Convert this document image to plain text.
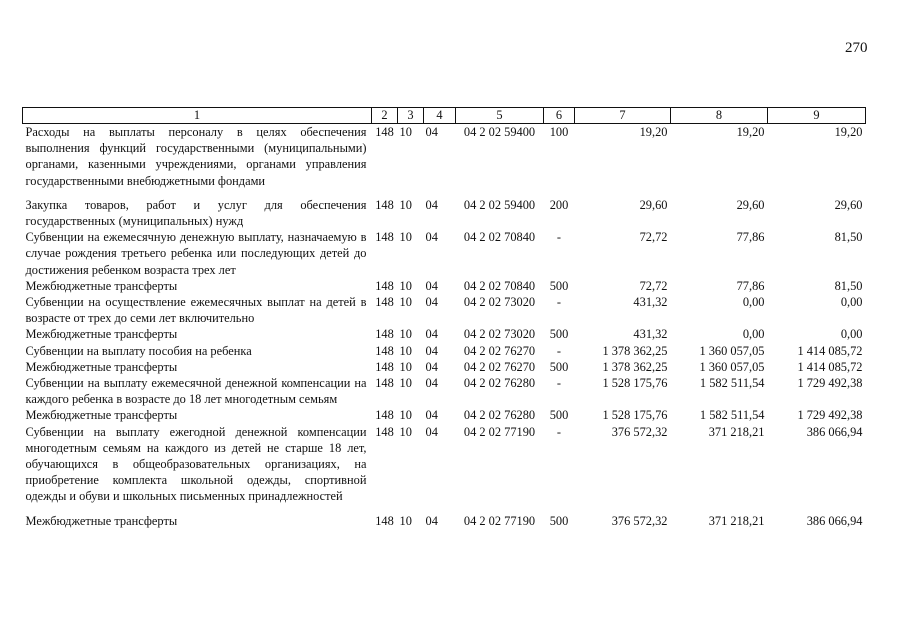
270
1	2	3	4	5	6	7	8	9
Расходы на выплаты персоналу в целях обеспечения выполнения функций государственными (муниципальными) органами, казенными учреждениями, органами управления государственными внебюджетными фондами	148	10	04	04 2 02 59400	100	19,20	19,20	19,20

Закупка товаров, работ и услуг для обеспечения государственных (муниципальных) нужд	148	10	04	04 2 02 59400	200	29,60	29,60	29,60
Субвенции на ежемесячную денежную выплату, назначаемую в случае рождения третьего ребенка или последующих детей до достижения ребенком возраста трех лет	148	10	04	04 2 02 70840	-	72,72	77,86	81,50
Межбюджетные трансферты	148	10	04	04 2 02 70840	500	72,72	77,86	81,50
Субвенции на осуществление ежемесячных выплат на детей в возрасте от трех до семи лет включительно	148	10	04	04 2 02 73020	-	431,32	0,00	0,00
Межбюджетные трансферты	148	10	04	04 2 02 73020	500	431,32	0,00	0,00
Субвенции на выплату пособия на ребенка	148	10	04	04 2 02 76270	-	1 378 362,25	1 360 057,05	1 414 085,72
Межбюджетные трансферты	148	10	04	04 2 02 76270	500	1 378 362,25	1 360 057,05	1 414 085,72
Субвенции на выплату ежемесячной денежной компенсации на каждого ребенка в возрасте до 18 лет многодетным семьям	148	10	04	04 2 02 76280	-	1 528 175,76	1 582 511,54	1 729 492,38
Межбюджетные трансферты	148	10	04	04 2 02 76280	500	1 528 175,76	1 582 511,54	1 729 492,38
Субвенции на выплату ежегодной денежной компенсации многодетным семьям на каждого из детей не старше 18 лет, обучающихся в общеобразовательных организациях, на приобретение комплекта школьной одежды, спортивной одежды и обуви и школьных письменных принадлежностей	148	10	04	04 2 02 77190	-	376 572,32	371 218,21	386 066,94

Межбюджетные трансферты	148	10	04	04 2 02 77190	500	376 572,32	371 218,21	386 066,94
